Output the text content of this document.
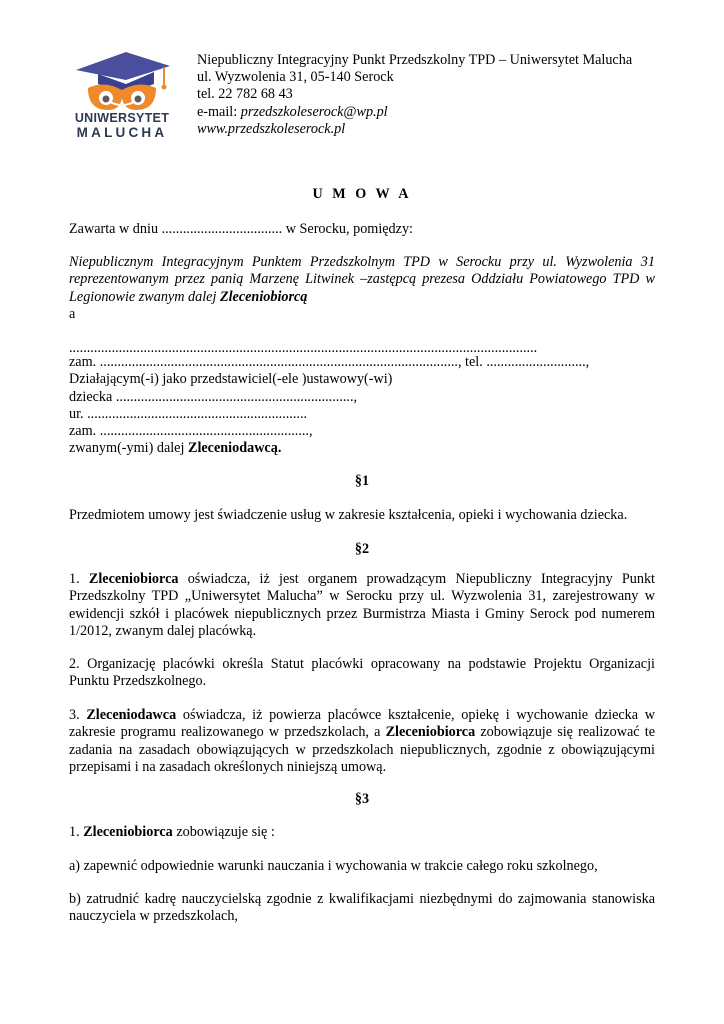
UNIWERSYTET
MALUCHA
Niepubliczny Integracyjny Punkt Przedszkolny TPD – Uniwersytet Malucha
ul. Wyzwolenia 31, 05-140 Serock
tel. 22 782 68 43
e-mail: przedszkoleserock@wp.pl
www.przedszkoleserock.pl
U M O W A
Zawarta w dniu .................................. w Serocku, pomiędzy:
Niepublicznym Integracyjnym Punktem Przedszkolnym TPD w Serocku przy ul. Wyzwolenia 31 reprezentowanym przez panią Marzenę Litwinek –zastępcą prezesa Oddziału Powiatowego TPD w Legionowie zwanym dalej Zleceniobiorcą
a
....................................................................................................................................
zam. ....................................................................................................., tel. ............................,
Działającym(-i) jako przedstawiciel(-ele )ustawowy(-wi)
dziecka ...................................................................,
ur. ..............................................................
zam. ...........................................................,
zwanym(-ymi) dalej Zleceniodawcą.
§1
Przedmiotem umowy jest świadczenie usług w zakresie kształcenia, opieki i wychowania dziecka.
§2
1. Zleceniobiorca oświadcza, iż jest organem prowadzącym Niepubliczny Integracyjny Punkt Przedszkolny TPD „Uniwersytet Malucha” w Serocku przy ul. Wyzwolenia 31, zarejestrowany w ewidencji szkół i placówek niepublicznych przez Burmistrza Miasta i Gminy Serock pod numerem 1/2012, zwanym dalej placówką.
2. Organizację placówki określa Statut placówki opracowany na podstawie Projektu Organizacji Punktu Przedszkolnego.
3. Zleceniodawca oświadcza, iż powierza placówce kształcenie, opiekę i wychowanie dziecka w zakresie programu realizowanego w przedszkolach, a Zleceniobiorca zobowiązuje się realizować te zadania na zasadach obowiązujących w przedszkolach niepublicznych, zgodnie z obowiązującymi przepisami i na zasadach określonych niniejszą umową.
§3
1. Zleceniobiorca zobowiązuje się :
a) zapewnić odpowiednie warunki nauczania i wychowania w trakcie całego roku szkolnego,
b) zatrudnić kadrę nauczycielską zgodnie z kwalifikacjami niezbędnymi do zajmowania stanowiska nauczyciela w przedszkolach,
